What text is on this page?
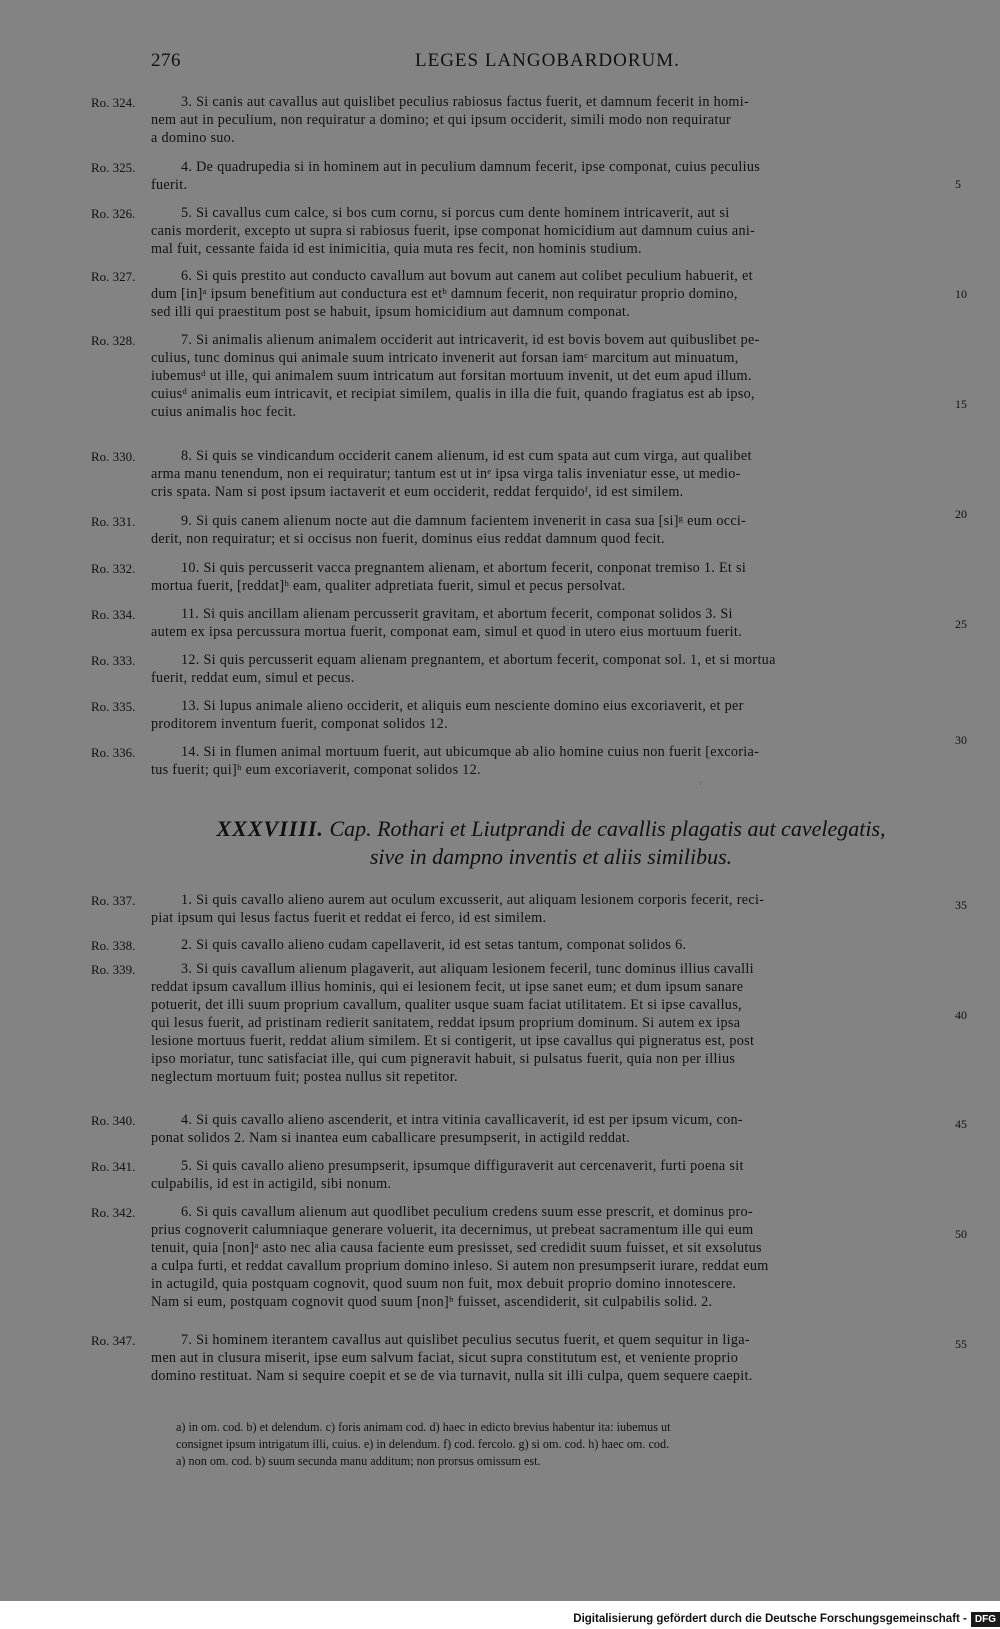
276	LEGES LANGOBARDORUM.
Ro. 324.	3. Si canis aut cavallus aut quislibet peculius rabiosus factus fuerit, et damnum fecerit in homi-
nem aut in peculium, non requiratur a domino; et qui ipsum occiderit, simili modo non requiratur
a domino suo.
Ro. 325.	4. De quadrupedia si in hominem aut in peculium damnum fecerit, ipse componat, cuius peculius
fuerit.	5
Ro. 326.	5. Si cavallus cum calce, si bos cum cornu, si porcus cum dente hominem intricaverit, aut si
canis morderit, excepto ut supra si rabiosus fuerit, ipse componat homicidium aut damnum cuius ani-
mal fuit, cessante faida id est inimicitia, quia muta res fecit, non hominis studium.
Ro. 327.	6. Si quis prestito aut conducto cavallum aut bovum aut canem aut colibet peculium habuerit, et
dum [in]ᵃ ipsum benefitium aut conductura est etᵇ damnum fecerit, non requiratur proprio domino,
sed illi qui praestitum post se habuit, ipsum homicidium aut damnum componat.
10
Ro. 328.	7. Si animalis alienum animalem occiderit aut intricaverit, id est bovis bovem aut quibuslibet pe-
culius, tunc dominus qui animale suum intricato invenerit aut forsan iamᶜ marcitum aut minuatum,
iubemusᵈ ut ille, qui animalem suum intricatum aut forsitan mortuum invenit, ut det eum apud illum.
cuiusᵈ animalis eum intricavit, et recipiat similem, qualis in illa die fuit, quando fragiatus est ab ipso,
cuius animalis hoc fecit.	15
Ro. 330.	8. Si quis se vindicandum occiderit canem alienum, id est cum spata aut cum virga, aut qualibet
arma manu tenendum, non ei requiratur; tantum est ut inᵉ ipsa virga talis inveniatur esse, ut medio-
cris spata. Nam si post ipsum iactaverit et eum occiderit, reddat ferquidoᶠ, id est similem.
Ro. 331.	9. Si quis canem alienum nocte aut die damnum facientem invenerit in casa sua [si]ᵍ eum occi-
derit, non requiratur; et si occisus non fuerit, dominus eius reddat damnum quod fecit.
20
Ro. 332.	10. Si quis percusserit vacca pregnantem alienam, et abortum fecerit, conponat tremiso 1. Et si
mortua fuerit, [reddat]ʰ eam, qualiter adpretiata fuerit, simul et pecus persolvat.
Ro. 334.	11. Si quis ancillam alienam percusserit gravitam, et abortum fecerit, componat solidos 3. Si
autem ex ipsa percussura mortua fuerit, componat eam, simul et quod in utero eius mortuum fuerit.	25
Ro. 333.	12. Si quis percusserit equam alienam pregnantem, et abortum fecerit, componat sol. 1, et si mortua
fuerit, reddat eum, simul et pecus.
Ro. 335.	13. Si lupus animale alieno occiderit, et aliquis eum nesciente domino eius excoriaverit, et per
proditorem inventum fuerit, componat solidos 12.
Ro. 336.	14. Si in flumen animal mortuum fuerit, aut ubicumque ab alio homine cuius non fuerit [excoria-
tus fuerit; qui]ʰ eum excoriaverit, componat solidos 12.
30
XXXVIIII. Cap. Rothari et Liutprandi de cavallis plagatis aut cavelegatis,
sive in dampno inventis et aliis similibus.
Ro. 337.	1. Si quis cavallo alieno aurem aut oculum excusserit, aut aliquam lesionem corporis fecerit, reci-
piat ipsum qui lesus factus fuerit et reddat ei ferco, id est similem.
35
Ro. 338.	2. Si quis cavallo alieno cudam capellaverit, id est setas tantum, componat solidos 6.
Ro. 339.	3. Si quis cavallum alienum plagaverit, aut aliquam lesionem feceril, tunc dominus illius cavalli
reddat ipsum cavallum illius hominis, qui ei lesionem fecit, ut ipse sanet eum; et dum ipsum sanare
potuerit, det illi suum proprium cavallum, qualiter usque suam faciat utilitatem. Et si ipse cavallus,
qui lesus fuerit, ad pristinam redierit sanitatem, reddat ipsum proprium dominum. Si autem ex ipsa
lesione mortuus fuerit, reddat alium similem. Et si contigerit, ut ipse cavallus qui pigneratus est, post
ipso moriatur, tunc satisfaciat ille, qui cum pigneravit habuit, si pulsatus fuerit, quia non per illius
neglectum mortuum fuit; postea nullus sit repetitor.
40
Ro. 340.	4. Si quis cavallo alieno ascenderit, et intra vitinia cavallicaverit, id est per ipsum vicum, con-
ponat solidos 2. Nam si inantea eum caballicare presumpserit, in actigild reddat.
45
Ro. 341.	5. Si quis cavallo alieno presumpserit, ipsumque diffiguraverit aut cercenaverit, furti poena sit
culpabilis, id est in actigild, sibi nonum.
Ro. 342.	6. Si quis cavallum alienum aut quodlibet peculium credens suum esse prescrit, et dominus pro-
prius cognoverit calumniaque generare voluerit, ita decernimus, ut prebeat sacramentum ille qui eum
tenuit, quia [non]ᵃ asto nec alia causa faciente eum presisset, sed credidit suum fuisset, et sit exsolutus
a culpa furti, et reddat cavallum proprium domino inleso. Si autem non presumpserit iurare, reddat eum
in actugild, quia postquam cognovit, quod suum non fuit, mox debuit proprio domino innotescere.
Nam si eum, postquam cognovit quod suum [non]ᵇ fuisset, ascendiderit, sit culpabilis solid. 2.
50
Ro. 347.	7. Si hominem iterantem cavallus aut quislibet peculius secutus fuerit, et quem sequitur in liga-
men aut in clusura miserit, ipse eum salvum faciat, sicut supra constitutum est, et veniente proprio
domino restituat. Nam si sequire coepit et se de via turnavit, nulla sit illi culpa, quem sequere caepit.
55
a) in om. cod. b) et delendum. c) foris animam cod. d) haec in edicto brevius habentur ita: iubemus ut
consignet ipsum intrigatum illi, cuius. e) in delendum. f) cod. fercolo. g) si om. cod. h) haec om. cod.
a) non om. cod. b) suum secunda manu additum; non prorsus omissum est.
Digitalisierung gefördert durch die Deutsche Forschungsgemeinschaft - DFG
